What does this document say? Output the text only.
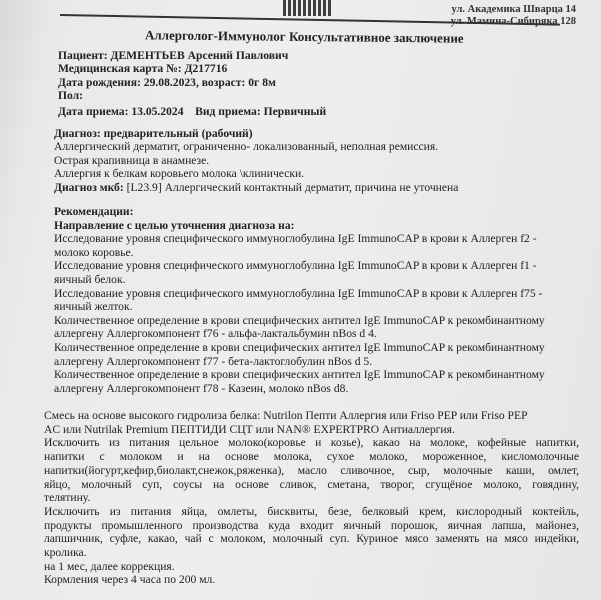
ул. Академика Шварца 14
ул. Мамина-Сибиряка 128
Аллерголог-Иммунолог Консультативное заключение
Пациент: ДЕМЕНТЬЕВ Арсений Павлович
Медицинская карта №: Д217716
Дата рождения: 29.08.2023, возраст: 0г 8м
Пол:
Дата приема: 13.05.2024 Вид приема: Первичный
Диагноз: предварительный (рабочий)
Аллергический дерматит, ограниченно- локализованный, неполная ремиссия.
Острая крапивница в анамнезе.
Аллергия к белкам коровьего молока \клинически.
Диагноз мкб: [L23.9] Аллергический контактный дерматит, причина не уточнена
Рекомендации:
Направление с целью уточнения диагноза на:
Исследование уровня специфического иммуноглобулина IgE ImmunoCAP в крови к Аллерген f2 -
молоко коровье.
Исследование уровня специфического иммуноглобулина IgE ImmunoCAP в крови к Аллерген f1 -
яичный белок.
Исследование уровня специфического иммуноглобулина IgE ImmunoCAP в крови к Аллерген f75 -
яичный желток.
Количественное определение в крови специфических антител IgE ImmunoCAP к рекомбинантному
аллергену Аллергокомпонент f76 - альфа-лактальбумин nBos d 4.
Количественное определение в крови специфических антител IgE ImmunoCAP к рекомбинантному
аллергену Аллергокомпонент f77 - бета-лактоглобулин nBos d 5.
Количественное определение в крови специфических антител IgE ImmunoCAP к рекомбинантному
аллергену Аллергокомпонент f78 - Казеин, молоко nBos d8.
Смесь на основе высокого гидролиза белка: Nutrilon Пепти Аллергия или Friso PEP или Friso PEP
AC или Nutrilak Premium ПЕПТИДИ СЦТ или NAN® EXPERTPRO Антиаллергия.
Исключить из питания цельное молоко(коровье и козье), какао на молоке, кофейные напитки,
напитки с молоком и на основе молока, сухое молоко, мороженное, кисломолочные
напитки(йогурт,кефир,биолакт,снежок,ряженка), масло сливочное, сыр, молочные каши, омлет,
яйцо, молочный суп, соусы на основе сливок, сметана, творог, сгущёное молоко, говядину,
телятину.
Исключить из питания яйца, омлеты, бисквиты, безе, белковый крем, кислородный коктейль,
продукты промышленного производства куда входит яичный порошок, яичная лапша, майонез,
лапшичник, суфле, какао, чай с молоком, молочный суп. Куриное мясо заменять на мясо индейки,
кролика.
на 1 мес, далее коррекция.
Кормления через 4 часа по 200 мл.
